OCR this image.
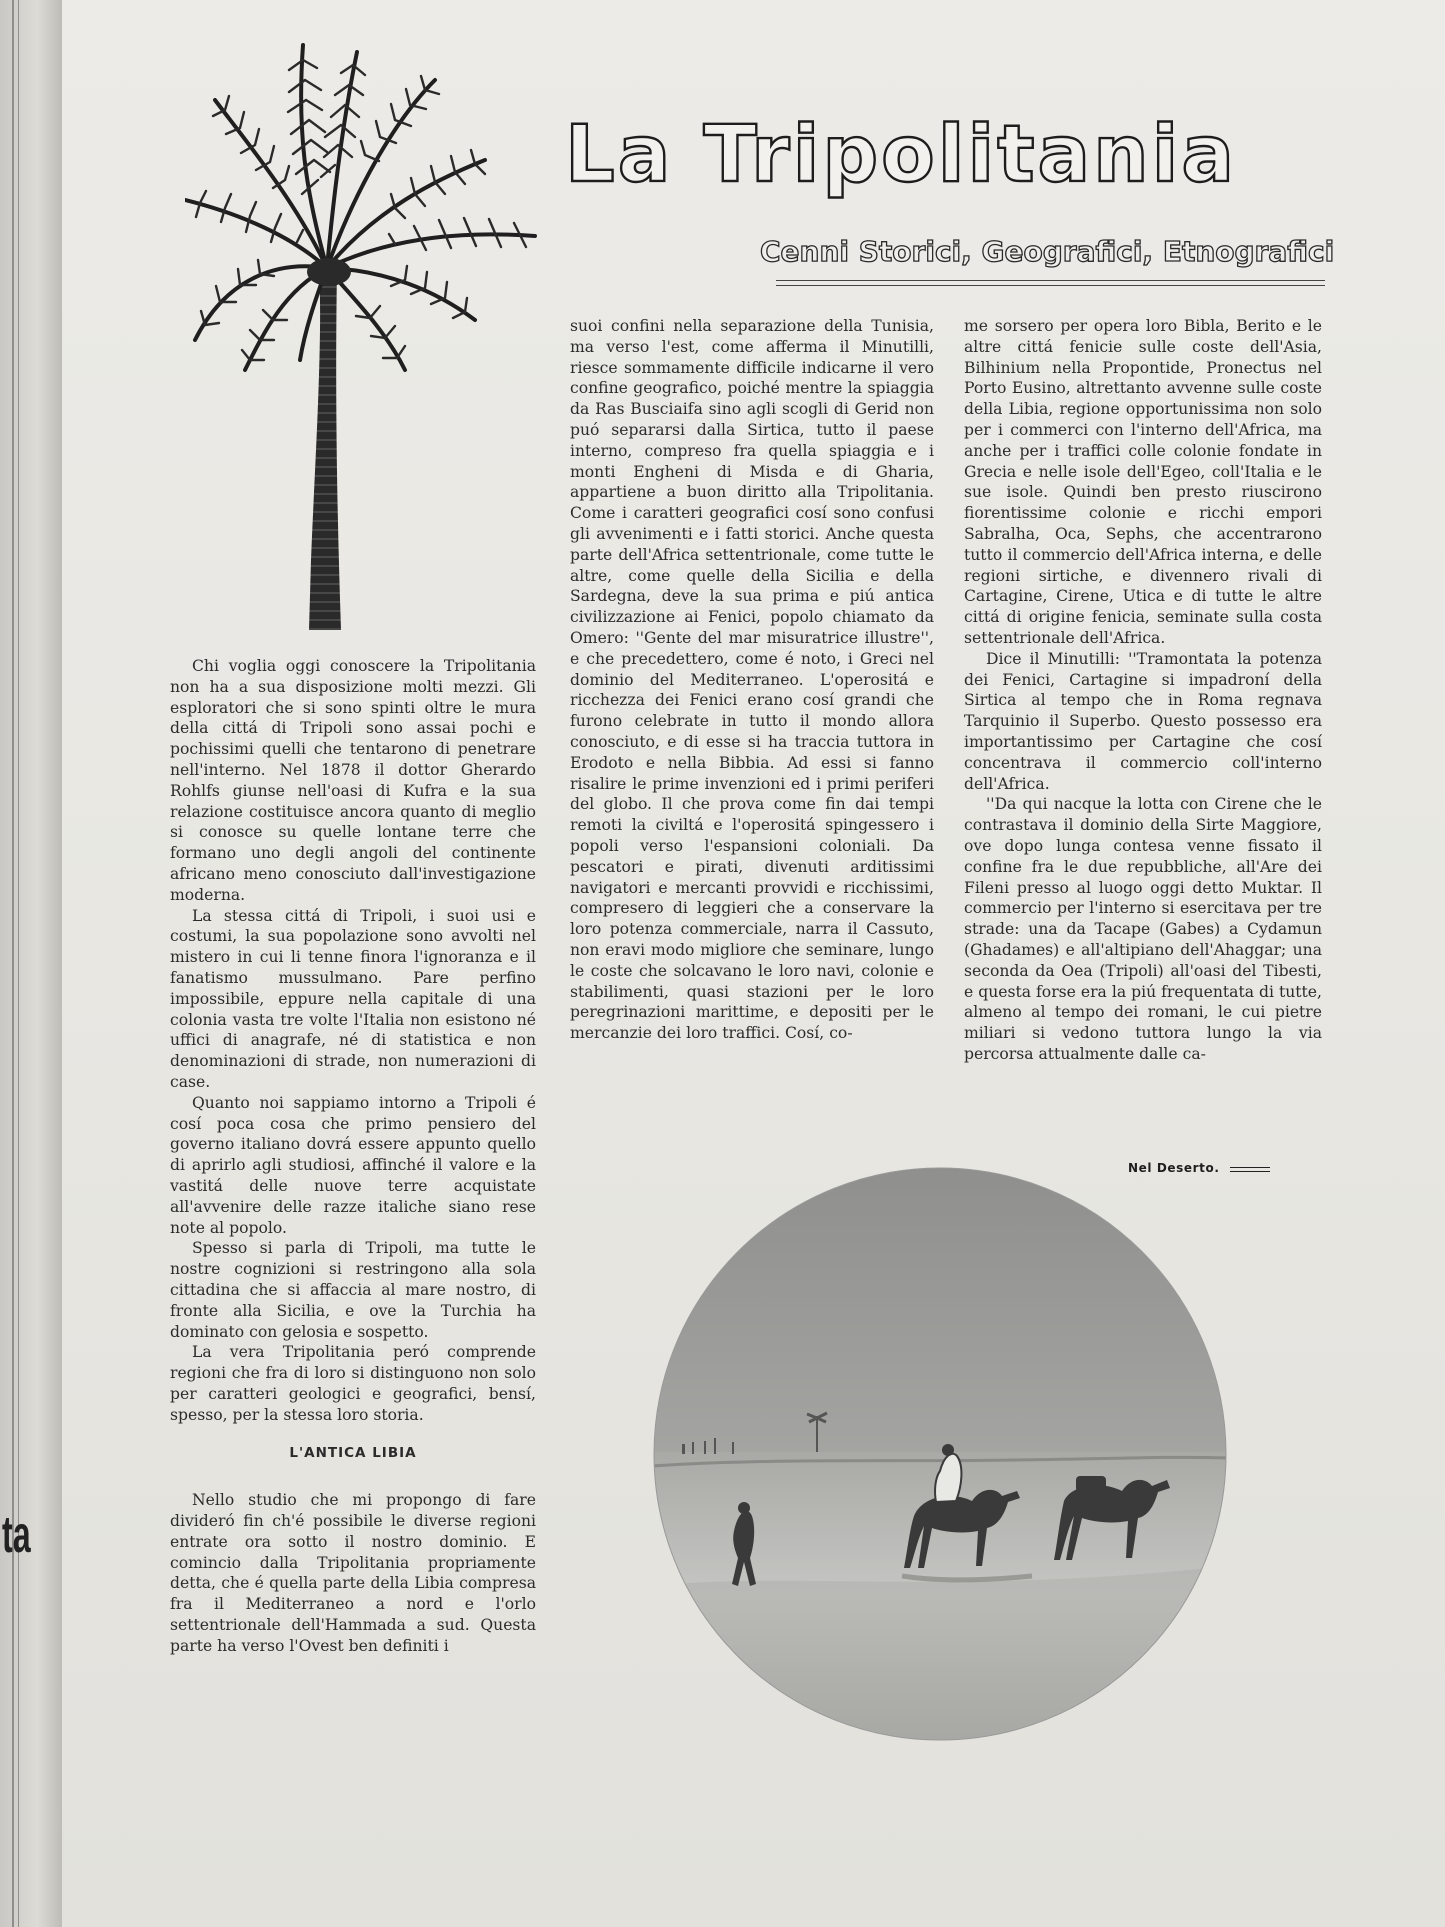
ta
La Tripolitania
Cenni Storici, Geografici, Etnografici

Chi voglia oggi conoscere la Tripolitania non ha a sua disposizione molti mezzi. Gli esploratori che si sono spinti oltre le mura della cittá di Tripoli sono assai pochi e pochissimi quelli che tentarono di penetrare nell'interno. Nel 1878 il dottor Gherardo Rohlfs giunse nell'oasi di Kufra e la sua relazione costituisce ancora quanto di meglio si conosce su quelle lontane terre che formano uno degli angoli del continente africano meno conosciuto dall'investigazione moderna.

La stessa cittá di Tripoli, i suoi usi e costumi, la sua popolazione sono avvolti nel mistero in cui li tenne finora l'ignoranza e il fanatismo mussulmano. Pare perfino impossibile, eppure nella capitale di una colonia vasta tre volte l'Italia non esistono né uffici di anagrafe, né di statistica e non denominazioni di strade, non numerazioni di case.

Quanto noi sappiamo intorno a Tripoli é cosí poca cosa che primo pensiero del governo italiano dovrá essere appunto quello di aprirlo agli studiosi, affinché il valore e la vastitá delle nuove terre acquistate all'avvenire delle razze italiche siano rese note al popolo.

Spesso si parla di Tripoli, ma tutte le nostre cognizioni si restringono alla sola cittadina che si affaccia al mare nostro, di fronte alla Sicilia, e ove la Turchia ha dominato con gelosia e sospetto.

La vera Tripolitania peró comprende regioni che fra di loro si distinguono non solo per caratteri geologici e geografici, bensí, spesso, per la stessa loro storia.

L'ANTICA LIBIA

Nello studio che mi propongo di fare divideró fin ch'é possibile le diverse regioni entrate ora sotto il nostro dominio. E comincio dalla Tripolitania propriamente detta, che é quella parte della Libia compresa fra il Mediterraneo a nord e l'orlo settentrionale dell'Hammada a sud. Questa parte ha verso l'Ovest ben definiti i

suoi confini nella separazione della Tunisia, ma verso l'est, come afferma il Minutilli, riesce sommamente difficile indicarne il vero confine geografico, poiché mentre la spiaggia da Ras Busciaifa sino agli scogli di Gerid non puó separarsi dalla Sirtica, tutto il paese interno, compreso fra quella spiaggia e i monti Engheni di Misda e di Gharia, appartiene a buon diritto alla Tripolitania. Come i caratteri geografici cosí sono confusi gli avvenimenti e i fatti storici. Anche questa parte dell'Africa settentrionale, come tutte le altre, come quelle della Sicilia e della Sardegna, deve la sua prima e piú antica civilizzazione ai Fenici, popolo chiamato da Omero: ''Gente del mar misuratrice illustre'', e che precedettero, come é noto, i Greci nel dominio del Mediterraneo. L'operositá e ricchezza dei Fenici erano cosí grandi che furono celebrate in tutto il mondo allora conosciuto, e di esse si ha traccia tuttora in Erodoto e nella Bibbia. Ad essi si fanno risalire le prime invenzioni ed i primi periferi del globo. Il che prova come fin dai tempi remoti la civiltá e l'operositá spingessero i popoli verso l'espansioni coloniali. Da pescatori e pirati, divenuti arditissimi navigatori e mercanti provvidi e ricchissimi, compresero di leggieri che a conservare la loro potenza commerciale, narra il Cassuto, non eravi modo migliore che seminare, lungo le coste che solcavano le loro navi, colonie e stabilimenti, quasi stazioni per le loro peregrinazioni marittime, e depositi per le mercanzie dei loro traffici. Cosí, co-

me sorsero per opera loro Bibla, Berito e le altre cittá fenicie sulle coste dell'Asia, Bilhinium nella Propontide, Pronectus nel Porto Eusino, altrettanto avvenne sulle coste della Libia, regione opportunissima non solo per i commerci con l'interno dell'Africa, ma anche per i traffici colle colonie fondate in Grecia e nelle isole dell'Egeo, coll'Italia e le sue isole. Quindi ben presto riuscirono fiorentissime colonie e ricchi empori Sabralha, Oca, Sephs, che accentrarono tutto il commercio dell'Africa interna, e delle regioni sirtiche, e divennero rivali di Cartagine, Cirene, Utica e di tutte le altre cittá di origine fenicia, seminate sulla costa settentrionale dell'Africa.

Dice il Minutilli: ''Tramontata la potenza dei Fenici, Cartagine si impadroní della Sirtica al tempo che in Roma regnava Tarquinio il Superbo. Questo possesso era importantissimo per Cartagine che cosí concentrava il commercio coll'interno dell'Africa.

''Da qui nacque la lotta con Cirene che le contrastava il dominio della Sirte Maggiore, ove dopo lunga contesa venne fissato il confine fra le due repubbliche, all'Are dei Fileni presso al luogo oggi detto Muktar. Il commercio per l'interno si esercitava per tre strade: una da Tacape (Gabes) a Cydamun (Ghadames) e all'altipiano dell'Ahaggar; una seconda da Oea (Tripoli) all'oasi del Tibesti, e questa forse era la piú frequentata di tutte, almeno al tempo dei romani, le cui pietre miliari si vedono tuttora lungo la via percorsa attualmente dalle ca-

Nel Deserto.
